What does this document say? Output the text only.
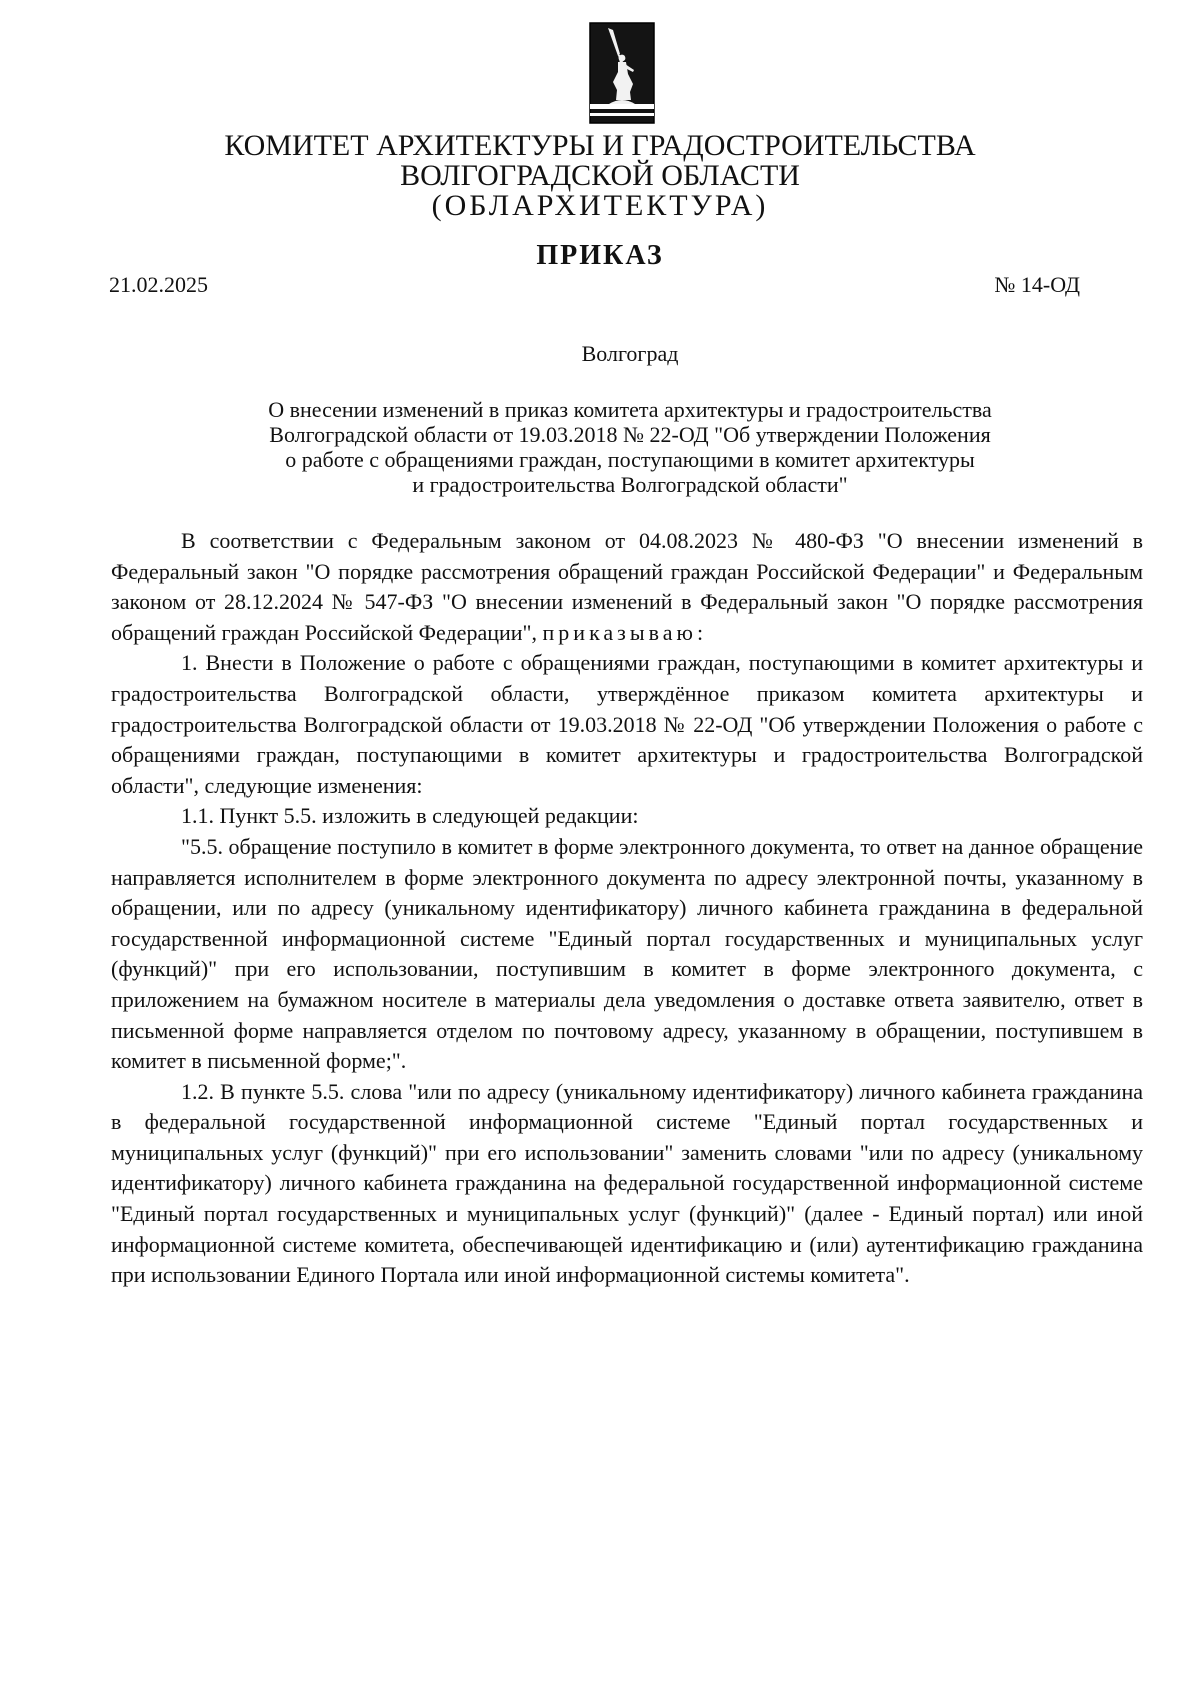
КОМИТЕТ АРХИТЕКТУРЫ И ГРАДОСТРОИТЕЛЬСТВА
ВОЛГОГРАДСКОЙ ОБЛАСТИ
(ОБЛАРХИТЕКТУРА)
ПРИКАЗ
21.02.2025	№ 14-ОД
Волгоград
О внесении изменений в приказ комитета архитектуры и градостроительства
Волгоградской области от 19.03.2018 № 22-ОД "Об утверждении Положения
о работе с обращениями граждан, поступающими в комитет архитектуры
и градостроительства Волгоградской области"

В соответствии с Федеральным законом от 04.08.2023 № 480-ФЗ "О внесении изменений в Федеральный закон "О порядке рассмотрения обращений граждан Российской Федерации" и Федеральным законом от 28.12.2024 № 547-ФЗ "О внесении изменений в Федеральный закон "О порядке рассмотрения обращений граждан Российской Федерации", приказываю:

1. Внести в Положение о работе с обращениями граждан, поступающими в комитет архитектуры и градостроительства Волгоградской области, утверждённое приказом комитета архитектуры и градостроительства Волгоградской области от 19.03.2018 № 22-ОД "Об утверждении Положения о работе с обращениями граждан, поступающими в комитет архитектуры и градостроительства Волгоградской области", следующие изменения:

1.1. Пункт 5.5. изложить в следующей редакции:

"5.5. обращение поступило в комитет в форме электронного документа, то ответ на данное обращение направляется исполнителем в форме электронного документа по адресу электронной почты, указанному в обращении, или по адресу (уникальному идентификатору) личного кабинета гражданина в федеральной государственной информационной системе "Единый портал государственных и муниципальных услуг (функций)" при его использовании, поступившим в комитет в форме электронного документа, с приложением на бумажном носителе в материалы дела уведомления о доставке ответа заявителю, ответ в письменной форме направляется отделом по почтовому адресу, указанному в обращении, поступившем в комитет в письменной форме;".

1.2. В пункте 5.5. слова "или по адресу (уникальному идентификатору) личного кабинета гражданина в федеральной государственной информационной системе "Единый портал государственных и муниципальных услуг (функций)" при его использовании" заменить словами "или по адресу (уникальному идентификатору) личного кабинета гражданина на федеральной государственной информационной системе "Единый портал государственных и муниципальных услуг (функций)" (далее - Единый портал) или иной информационной системе комитета, обеспечивающей идентификацию и (или) аутентификацию гражданина при использовании Единого Портала или иной информационной системы комитета".
